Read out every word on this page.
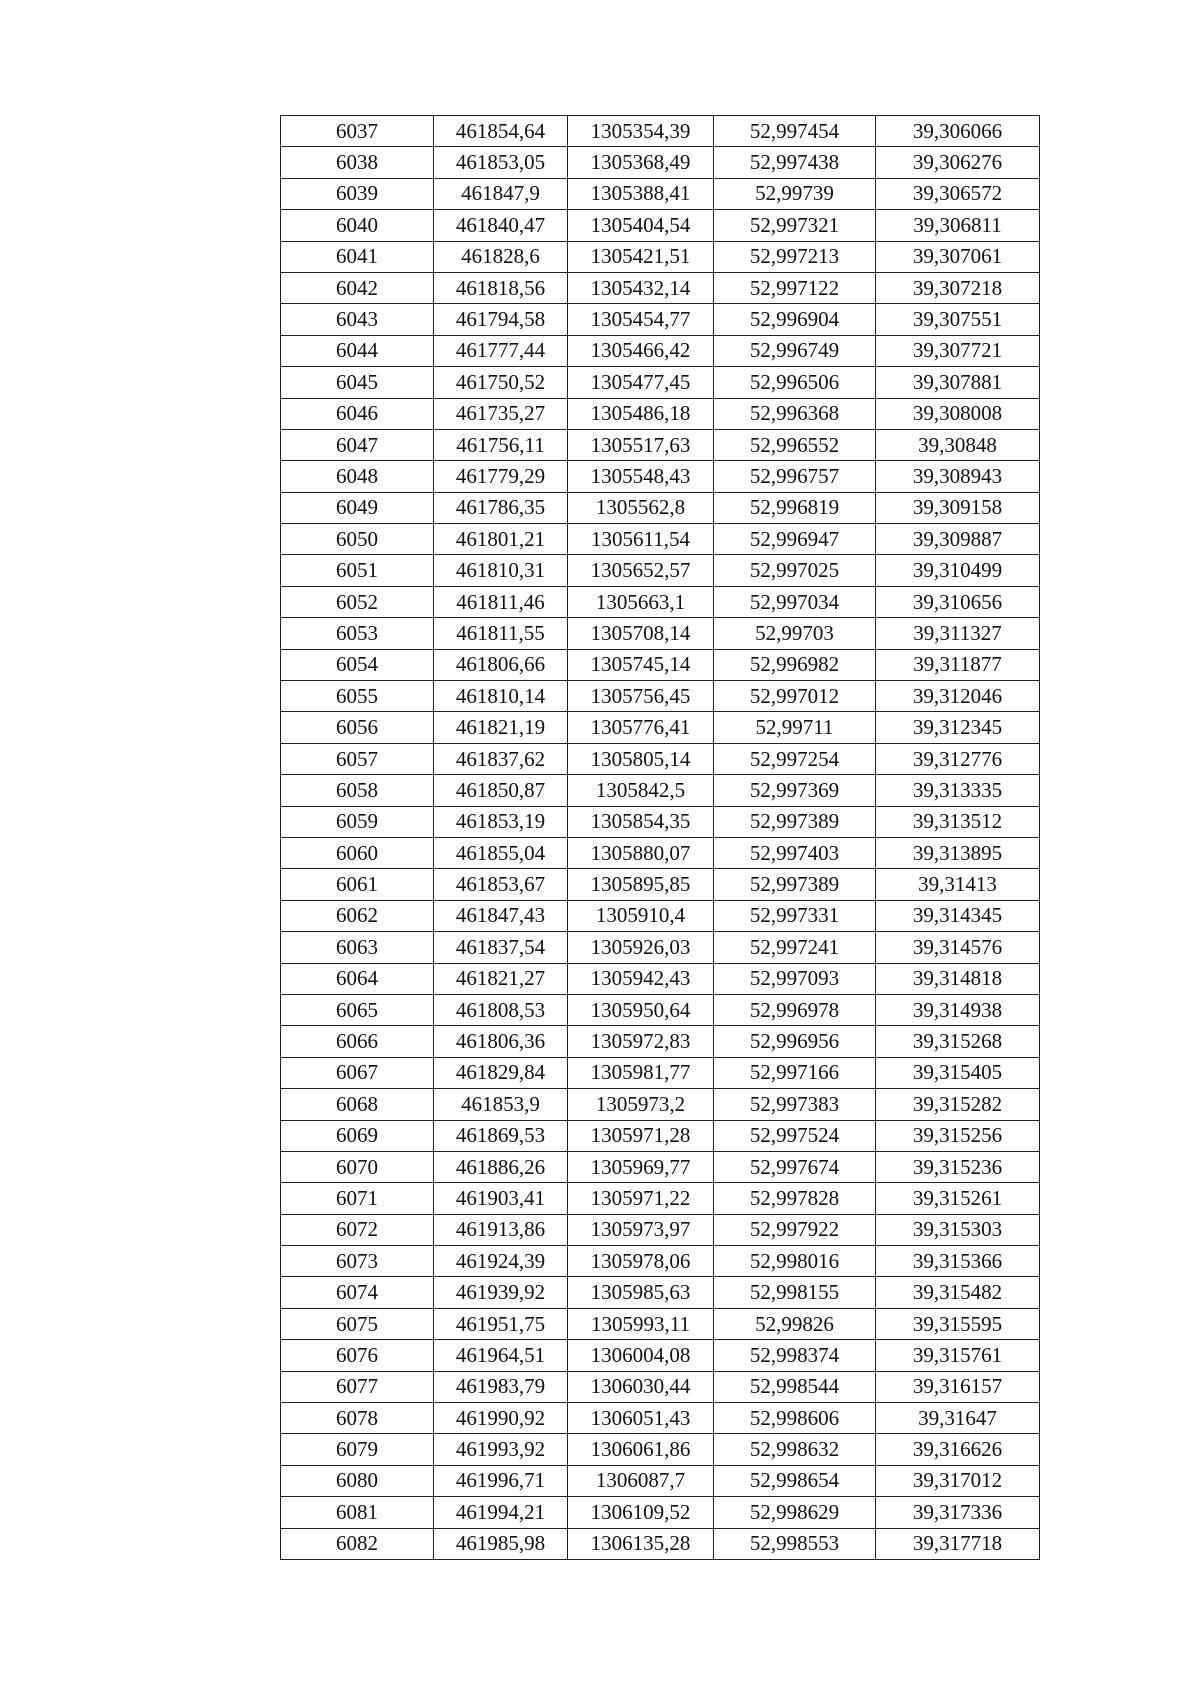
6037	461854,64	1305354,39	52,997454	39,306066
6038	461853,05	1305368,49	52,997438	39,306276
6039	461847,9	1305388,41	52,99739	39,306572
6040	461840,47	1305404,54	52,997321	39,306811
6041	461828,6	1305421,51	52,997213	39,307061
6042	461818,56	1305432,14	52,997122	39,307218
6043	461794,58	1305454,77	52,996904	39,307551
6044	461777,44	1305466,42	52,996749	39,307721
6045	461750,52	1305477,45	52,996506	39,307881
6046	461735,27	1305486,18	52,996368	39,308008
6047	461756,11	1305517,63	52,996552	39,30848
6048	461779,29	1305548,43	52,996757	39,308943
6049	461786,35	1305562,8	52,996819	39,309158
6050	461801,21	1305611,54	52,996947	39,309887
6051	461810,31	1305652,57	52,997025	39,310499
6052	461811,46	1305663,1	52,997034	39,310656
6053	461811,55	1305708,14	52,99703	39,311327
6054	461806,66	1305745,14	52,996982	39,311877
6055	461810,14	1305756,45	52,997012	39,312046
6056	461821,19	1305776,41	52,99711	39,312345
6057	461837,62	1305805,14	52,997254	39,312776
6058	461850,87	1305842,5	52,997369	39,313335
6059	461853,19	1305854,35	52,997389	39,313512
6060	461855,04	1305880,07	52,997403	39,313895
6061	461853,67	1305895,85	52,997389	39,31413
6062	461847,43	1305910,4	52,997331	39,314345
6063	461837,54	1305926,03	52,997241	39,314576
6064	461821,27	1305942,43	52,997093	39,314818
6065	461808,53	1305950,64	52,996978	39,314938
6066	461806,36	1305972,83	52,996956	39,315268
6067	461829,84	1305981,77	52,997166	39,315405
6068	461853,9	1305973,2	52,997383	39,315282
6069	461869,53	1305971,28	52,997524	39,315256
6070	461886,26	1305969,77	52,997674	39,315236
6071	461903,41	1305971,22	52,997828	39,315261
6072	461913,86	1305973,97	52,997922	39,315303
6073	461924,39	1305978,06	52,998016	39,315366
6074	461939,92	1305985,63	52,998155	39,315482
6075	461951,75	1305993,11	52,99826	39,315595
6076	461964,51	1306004,08	52,998374	39,315761
6077	461983,79	1306030,44	52,998544	39,316157
6078	461990,92	1306051,43	52,998606	39,31647
6079	461993,92	1306061,86	52,998632	39,316626
6080	461996,71	1306087,7	52,998654	39,317012
6081	461994,21	1306109,52	52,998629	39,317336
6082	461985,98	1306135,28	52,998553	39,317718
